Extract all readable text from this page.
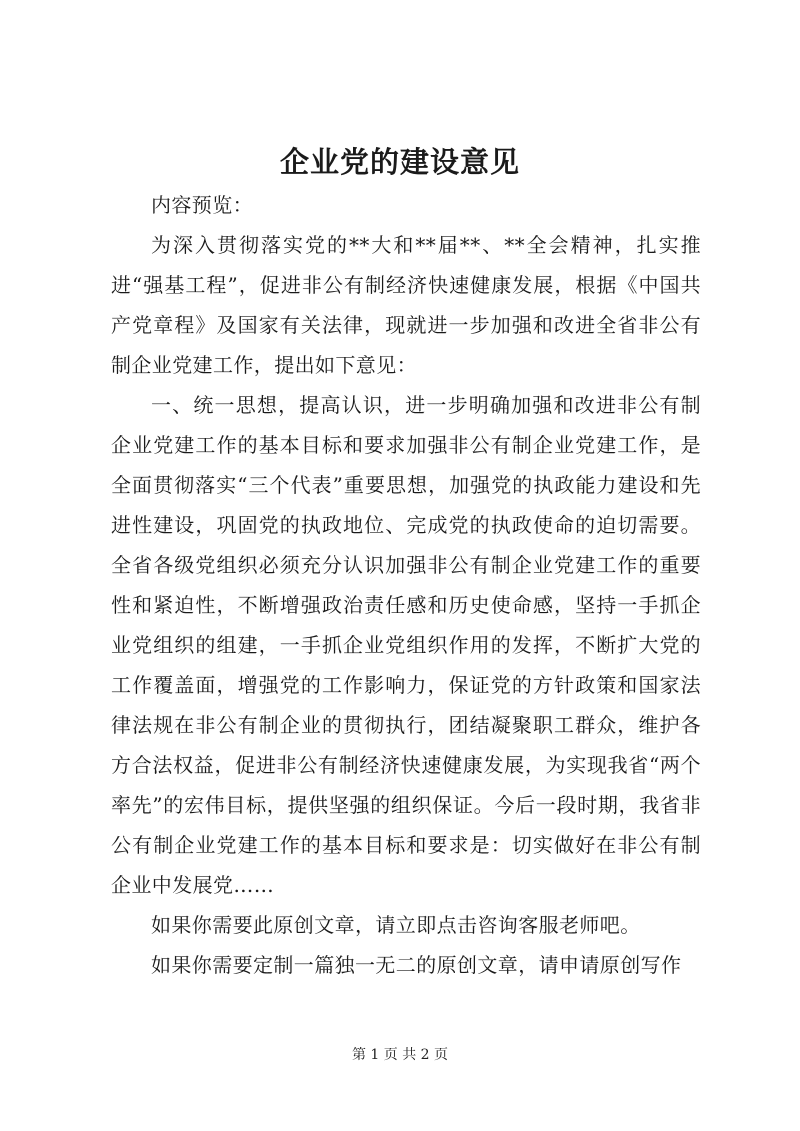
企业党的建设意见

内容预览：

为深入贯彻落实党的**大和**届**、**全会精神，扎实推进“强基工程”，促进非公有制经济快速健康发展，根据《中国共产党章程》及国家有关法律，现就进一步加强和改进全省非公有制企业党建工作，提出如下意见：

一、统一思想，提高认识，进一步明确加强和改进非公有制企业党建工作的基本目标和要求加强非公有制企业党建工作，是全面贯彻落实“三个代表”重要思想，加强党的执政能力建设和先进性建设，巩固党的执政地位、完成党的执政使命的迫切需要。全省各级党组织必须充分认识加强非公有制企业党建工作的重要性和紧迫性，不断增强政治责任感和历史使命感，坚持一手抓企业党组织的组建，一手抓企业党组织作用的发挥，不断扩大党的工作覆盖面，增强党的工作影响力，保证党的方针政策和国家法律法规在非公有制企业的贯彻执行，团结凝聚职工群众，维护各方合法权益，促进非公有制经济快速健康发展，为实现我省“两个率先”的宏伟目标，提供坚强的组织保证。今后一段时期，我省非公有制企业党建工作的基本目标和要求是：切实做好在非公有制企业中发展党……

如果你需要此原创文章，请立即点击咨询客服老师吧。

如果你需要定制一篇独一无二的原创文章，请申请原创写作

第 1 页 共 2 页
